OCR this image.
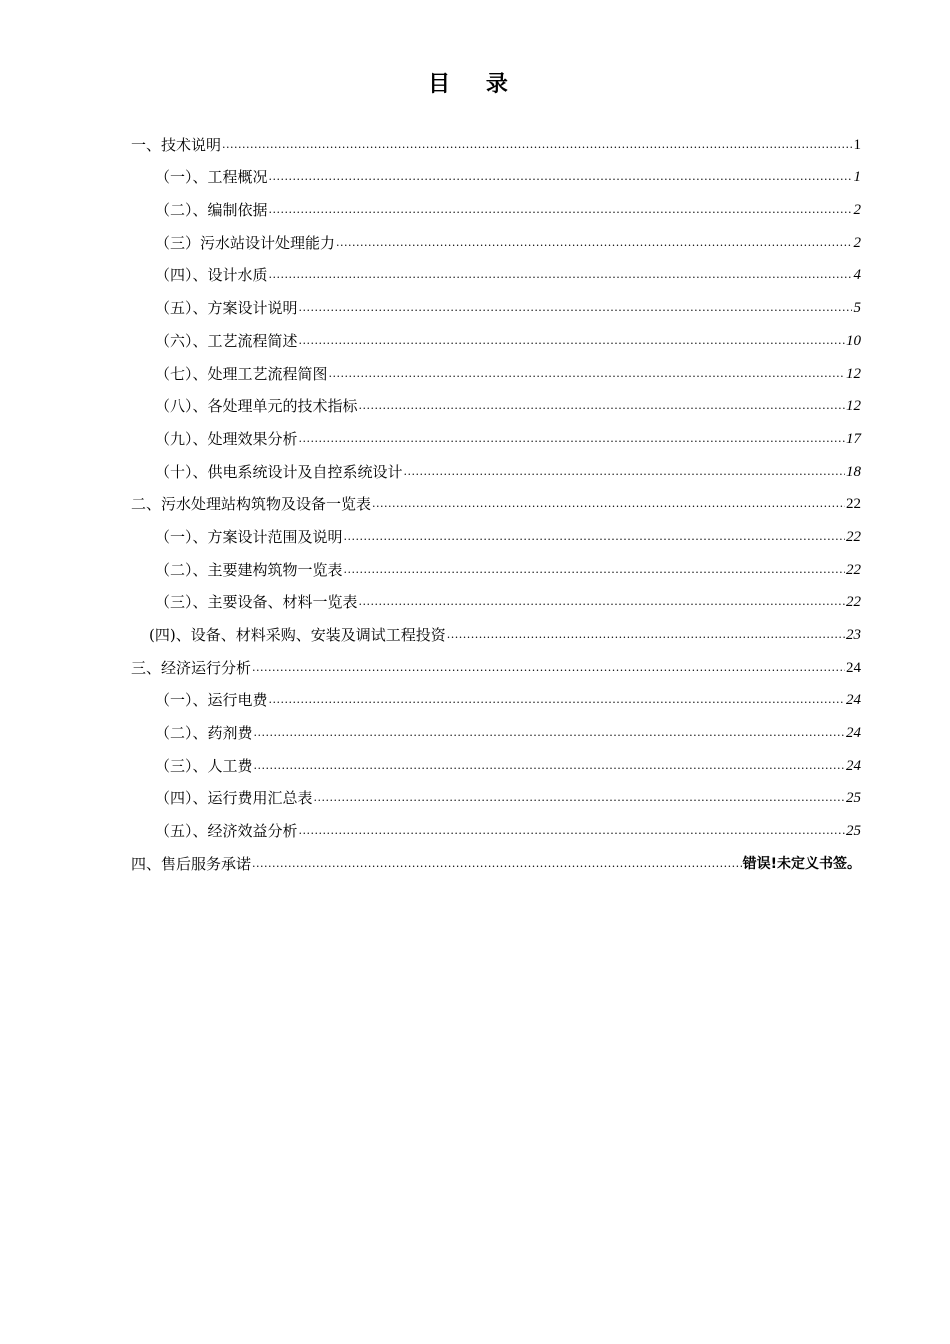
目 录
一、技术说明 .....	1
（一）、工程概况 .....	1
（二）、编制依据 .....	2
（三）污水站设计处理能力 .....	2
（四）、设计水质 .....	4
（五）、方案设计说明 .....	5
（六）、工艺流程简述 .....	10
（七）、处理工艺流程简图 .....	12
（八）、各处理单元的技术指标 .....	12
（九）、处理效果分析 .....	17
（十）、供电系统设计及自控系统设计 .....	18
二、污水处理站构筑物及设备一览表 .....	22
（一）、方案设计范围及说明 .....	22
（二）、主要建构筑物一览表 .....	22
（三）、主要设备、材料一览表 .....	22
(四)、设备、材料采购、安装及调试工程投资 .....	23
三、经济运行分析 .....	24
（一）、运行电费 .....	24
（二）、药剂费 .....	24
（三）、人工费 .....	24
（四）、运行费用汇总表 .....	25
（五）、经济效益分析 .....	25
四、售后服务承诺 .....	错误!未定义书签。
